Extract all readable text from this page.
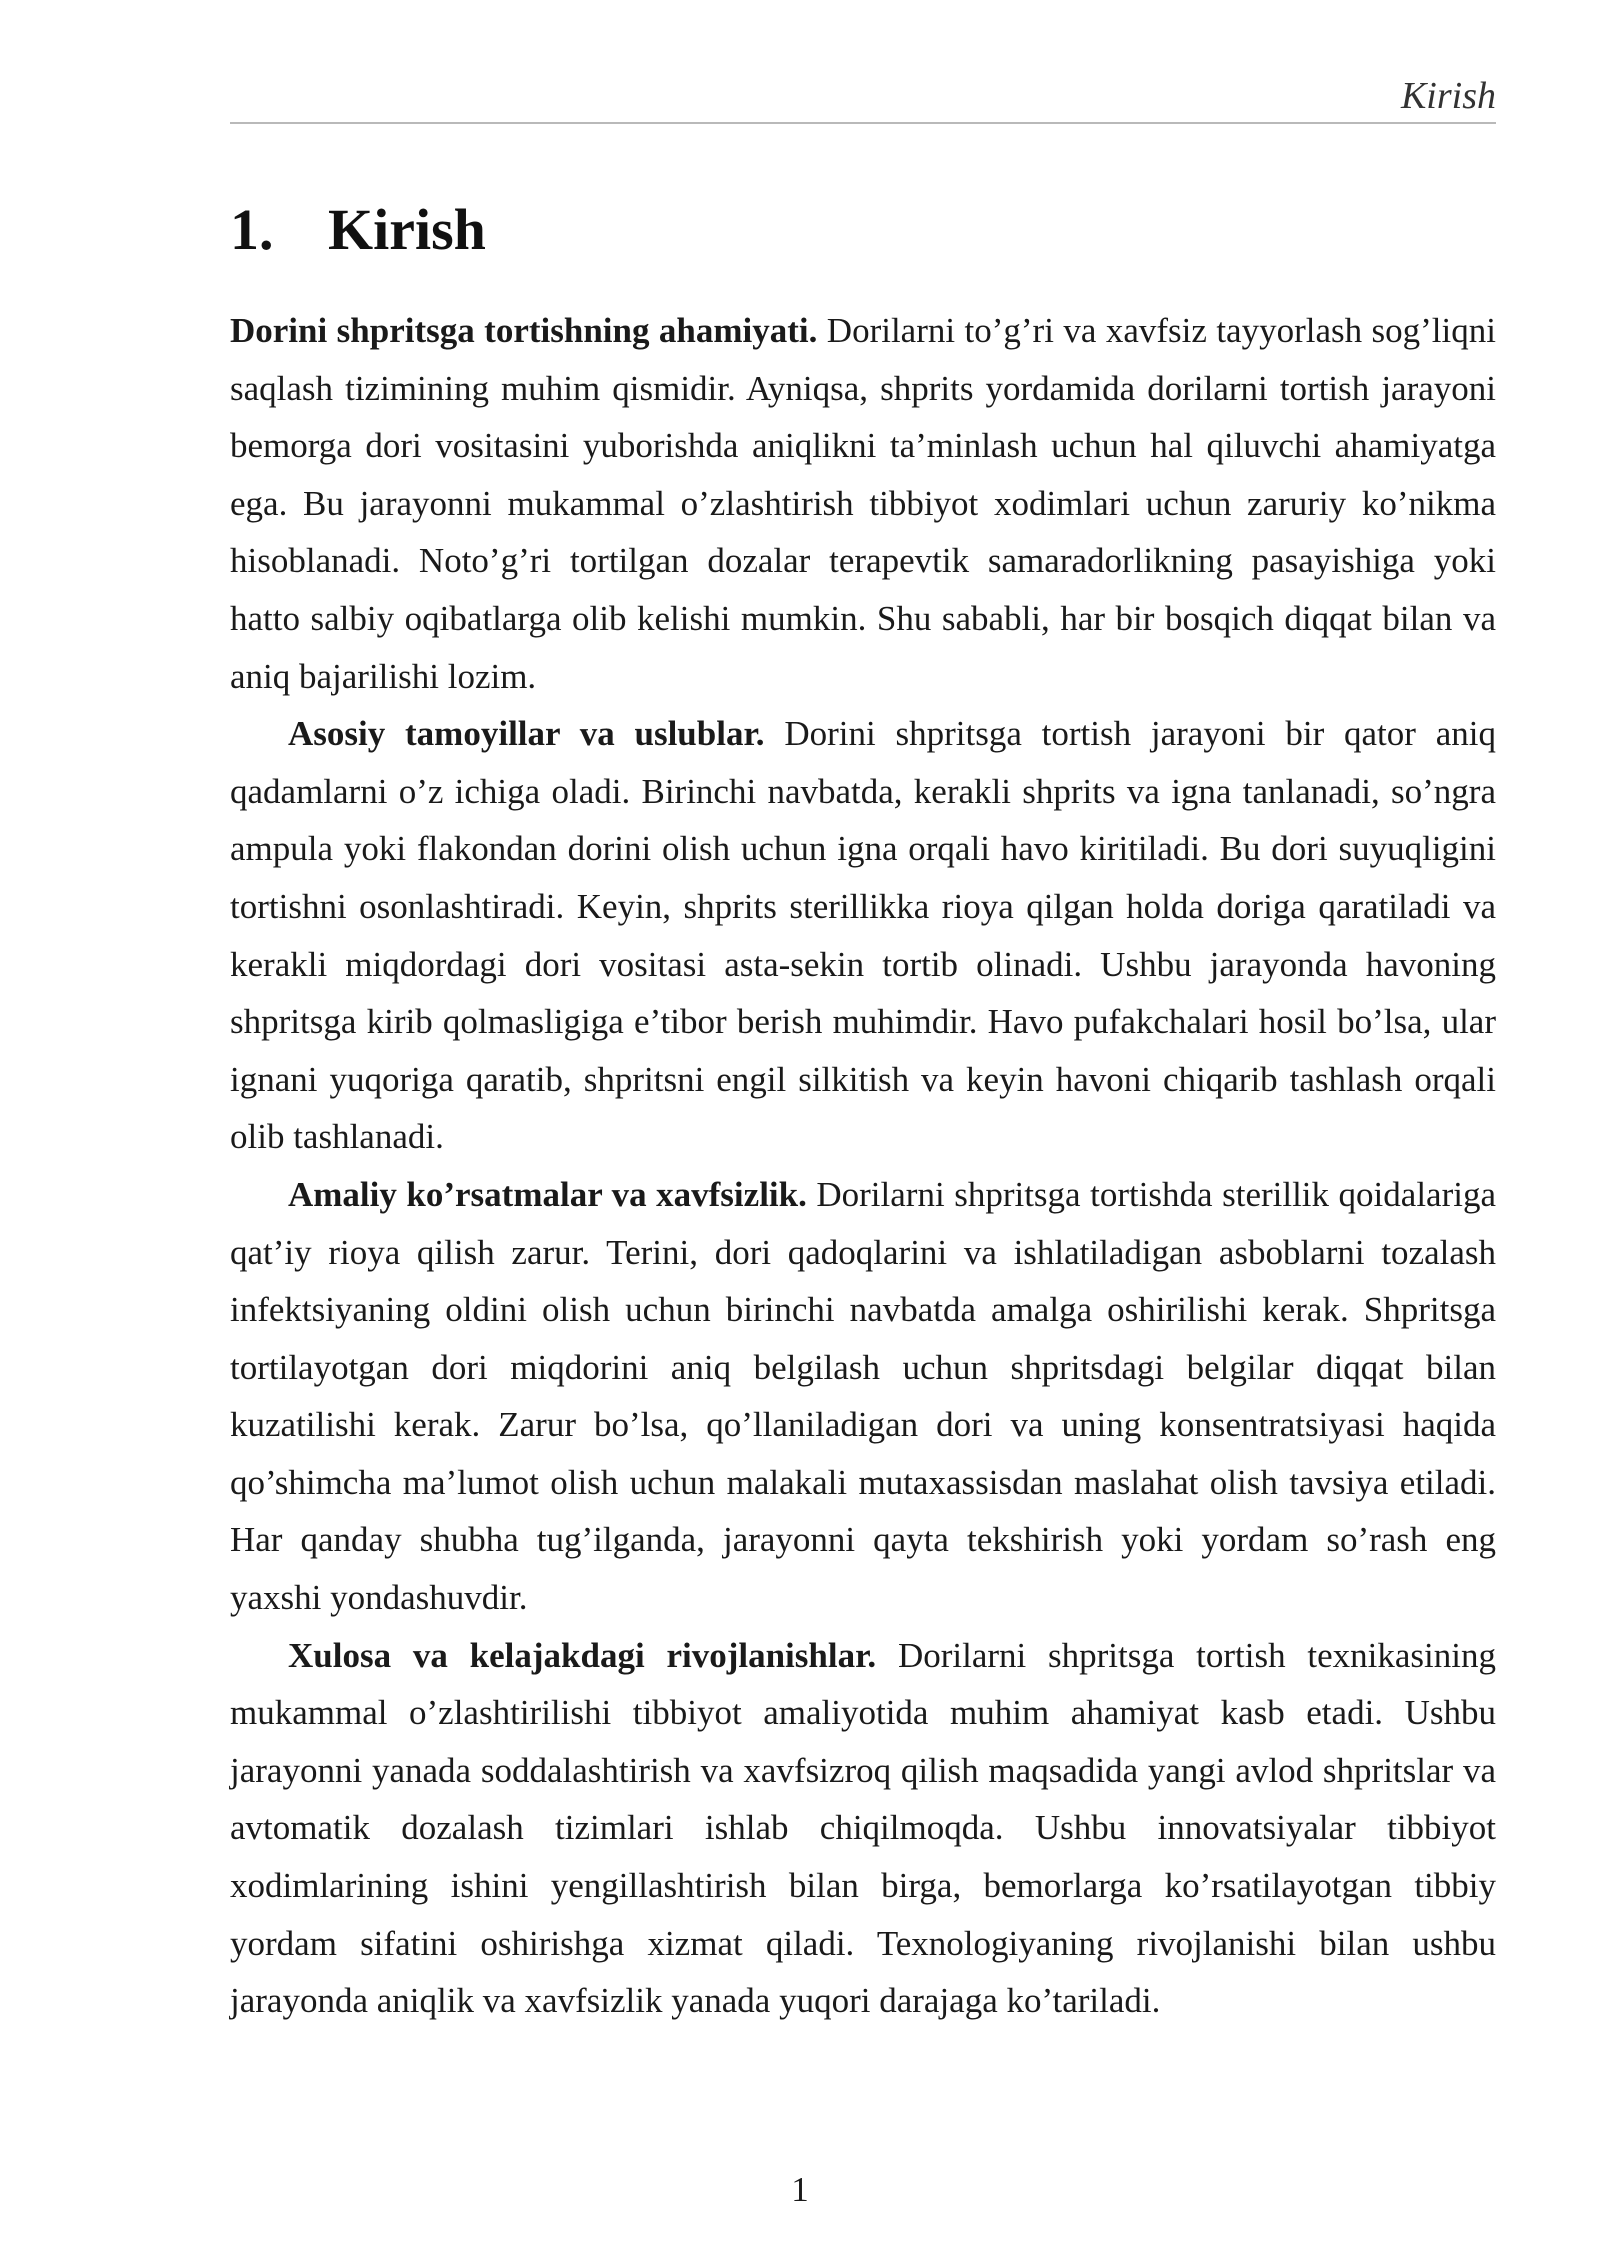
Kirish
1. Kirish

Dorini shpritsga tortishning ahamiyati. Dorilarni to’g’ri va xavfsiz tayyorlash sog’liqni saqlash tizimining muhim qismidir. Ayniqsa, shprits yordamida dorilarni tortish jarayoni bemorga dori vositasini yuborishda aniqlikni ta’minlash uchun hal qiluvchi ahamiyatga ega. Bu jarayonni mukammal o’zlashtirish tibbiyot xodimlari uchun zaruriy ko’nikma hisoblanadi. Noto’g’ri tortilgan dozalar terapevtik samaradorlikning pasayishiga yoki hatto salbiy oqibatlarga olib kelishi mumkin. Shu sababli, har bir bosqich diqqat bilan va aniq bajarilishi lozim.

Asosiy tamoyillar va uslublar. Dorini shpritsga tortish jarayoni bir qator aniq qadamlarni o’z ichiga oladi. Birinchi navbatda, kerakli shprits va igna tanlanadi, so’ngra ampula yoki flakondan dorini olish uchun igna orqali havo kiritiladi. Bu dori suyuqligini tortishni osonlashtiradi. Keyin, shprits sterillikka rioya qilgan holda doriga qaratiladi va kerakli miqdordagi dori vositasi asta-sekin tortib olinadi. Ushbu jarayonda havoning shpritsga kirib qolmasligiga e’tibor berish muhimdir. Havo pufakchalari hosil bo’lsa, ular ignani yuqoriga qaratib, shpritsni engil silkitish va keyin havoni chiqarib tashlash orqali olib tashlanadi.

Amaliy ko’rsatmalar va xavfsizlik. Dorilarni shpritsga tortishda sterillik qoidalariga qat’iy rioya qilish zarur. Terini, dori qadoqlarini va ishlatiladigan asboblarni tozalash infektsiyaning oldini olish uchun birinchi navbatda amalga oshirilishi kerak. Shpritsga tortilayotgan dori miqdorini aniq belgilash uchun shpritsdagi belgilar diqqat bilan kuzatilishi kerak. Zarur bo’lsa, qo’llaniladigan dori va uning konsentratsiyasi haqida qo’shimcha ma’lumot olish uchun malakali mutaxassisdan maslahat olish tavsiya etiladi. Har qanday shubha tug’ilganda, jarayonni qayta tekshirish yoki yordam so’rash eng yaxshi yondashuvdir.

Xulosa va kelajakdagi rivojlanishlar. Dorilarni shpritsga tortish texnikasining mukammal o’zlashtirilishi tibbiyot amaliyotida muhim ahamiyat kasb etadi. Ushbu jarayonni yanada soddalashtirish va xavfsizroq qilish maqsadida yangi avlod shpritslar va avtomatik dozalash tizimlari ishlab chiqilmoqda. Ushbu innovatsiyalar tibbiyot xodimlarining ishini yengillashtirish bilan birga, bemorlarga ko’rsatilayotgan tibbiy yordam sifatini oshirishga xizmat qiladi. Texnologiyaning rivojlanishi bilan ushbu jarayonda aniqlik va xavfsizlik yanada yuqori darajaga ko’tariladi.

1
